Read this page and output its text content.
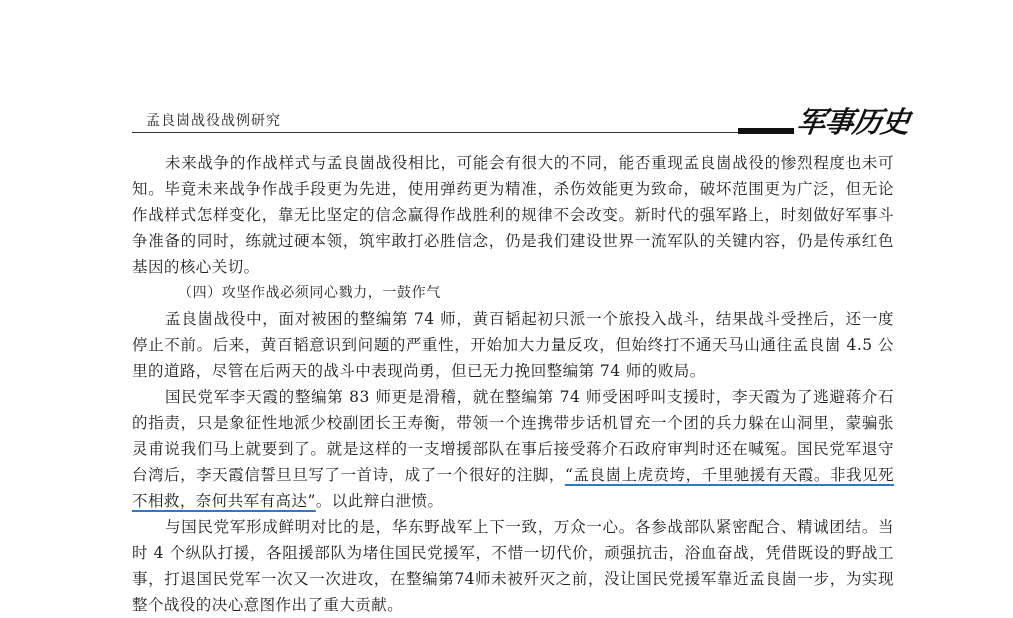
孟良崮战役战例研究	军事历史

未来战争的作战样式与孟良崮战役相比，可能会有很大的不同，能否重现孟良崮战役的惨烈程度也未可知。毕竟未来战争作战手段更为先进，使用弹药更为精准，杀伤效能更为致命，破坏范围更为广泛，但无论作战样式怎样变化，靠无比坚定的信念赢得作战胜利的规律不会改变。新时代的强军路上，时刻做好军事斗争准备的同时，练就过硬本领，筑牢敢打必胜信念，仍是我们建设世界一流军队的关键内容，仍是传承红色基因的核心关切。

（四）攻坚作战必须同心戮力，一鼓作气

孟良崮战役中，面对被困的整编第 74 师，黄百韬起初只派一个旅投入战斗，结果战斗受挫后，还一度停止不前。后来，黄百韬意识到问题的严重性，开始加大力量反攻，但始终打不通天马山通往孟良崮 4.5 公里的道路，尽管在后两天的战斗中表现尚勇，但已无力挽回整编第 74 师的败局。

国民党军李天霞的整编第 83 师更是滑稽，就在整编第 74 师受困呼叫支援时，李天霞为了逃避蒋介石的指责，只是象征性地派少校副团长王寿衡，带领一个连携带步话机冒充一个团的兵力躲在山洞里，蒙骗张灵甫说我们马上就要到了。就是这样的一支增援部队在事后接受蒋介石政府审判时还在喊冤。国民党军退守台湾后，李天霞信誓旦旦写了一首诗，成了一个很好的注脚，“孟良崮上虎贲垮，千里驰援有天霞。非我见死不相救，奈何共军有高达”。以此辩白泄愤。

与国民党军形成鲜明对比的是，华东野战军上下一致，万众一心。各参战部队紧密配合、精诚团结。当时 4 个纵队打援，各阻援部队为堵住国民党援军，不惜一切代价，顽强抗击，浴血奋战，凭借既设的野战工事，打退国民党军一次又一次进攻，在整编第74师未被歼灭之前，没让国民党援军靠近孟良崮一步，为实现整个战役的决心意图作出了重大贡献。
